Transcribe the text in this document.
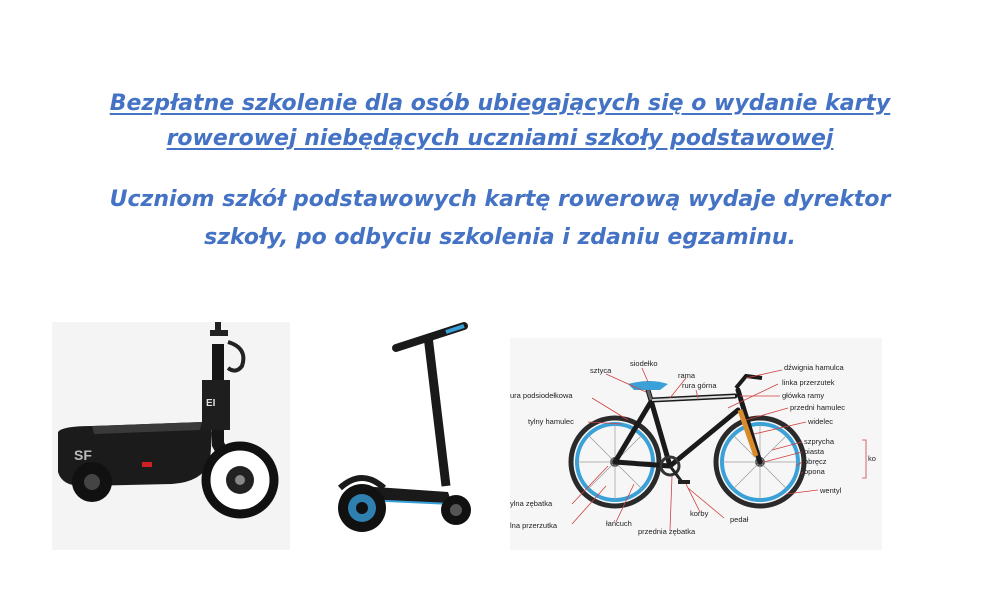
Bezpłatne szkolenie dla osób ubiegających się o wydanie karty
rowerowej niebędących uczniami szkoły podstawowej
Uczniom szkół podstawowych kartę rowerową wydaje dyrektor
szkoły, po odbyciu szkolenia i zdaniu egzaminu.
SF
EI
siodełko
sztyca
rama
rura górna
ura podsiodełkowa
tylny hamulec
dźwignia hamulca
linka przerzutek
główka ramy
przedni hamulec
widelec
szprycha
piasta
obręcz
opona
ko
wentyl
ylna zębatka
lna przerzutka	łańcuch
korby
pedał
przednia zębatka
